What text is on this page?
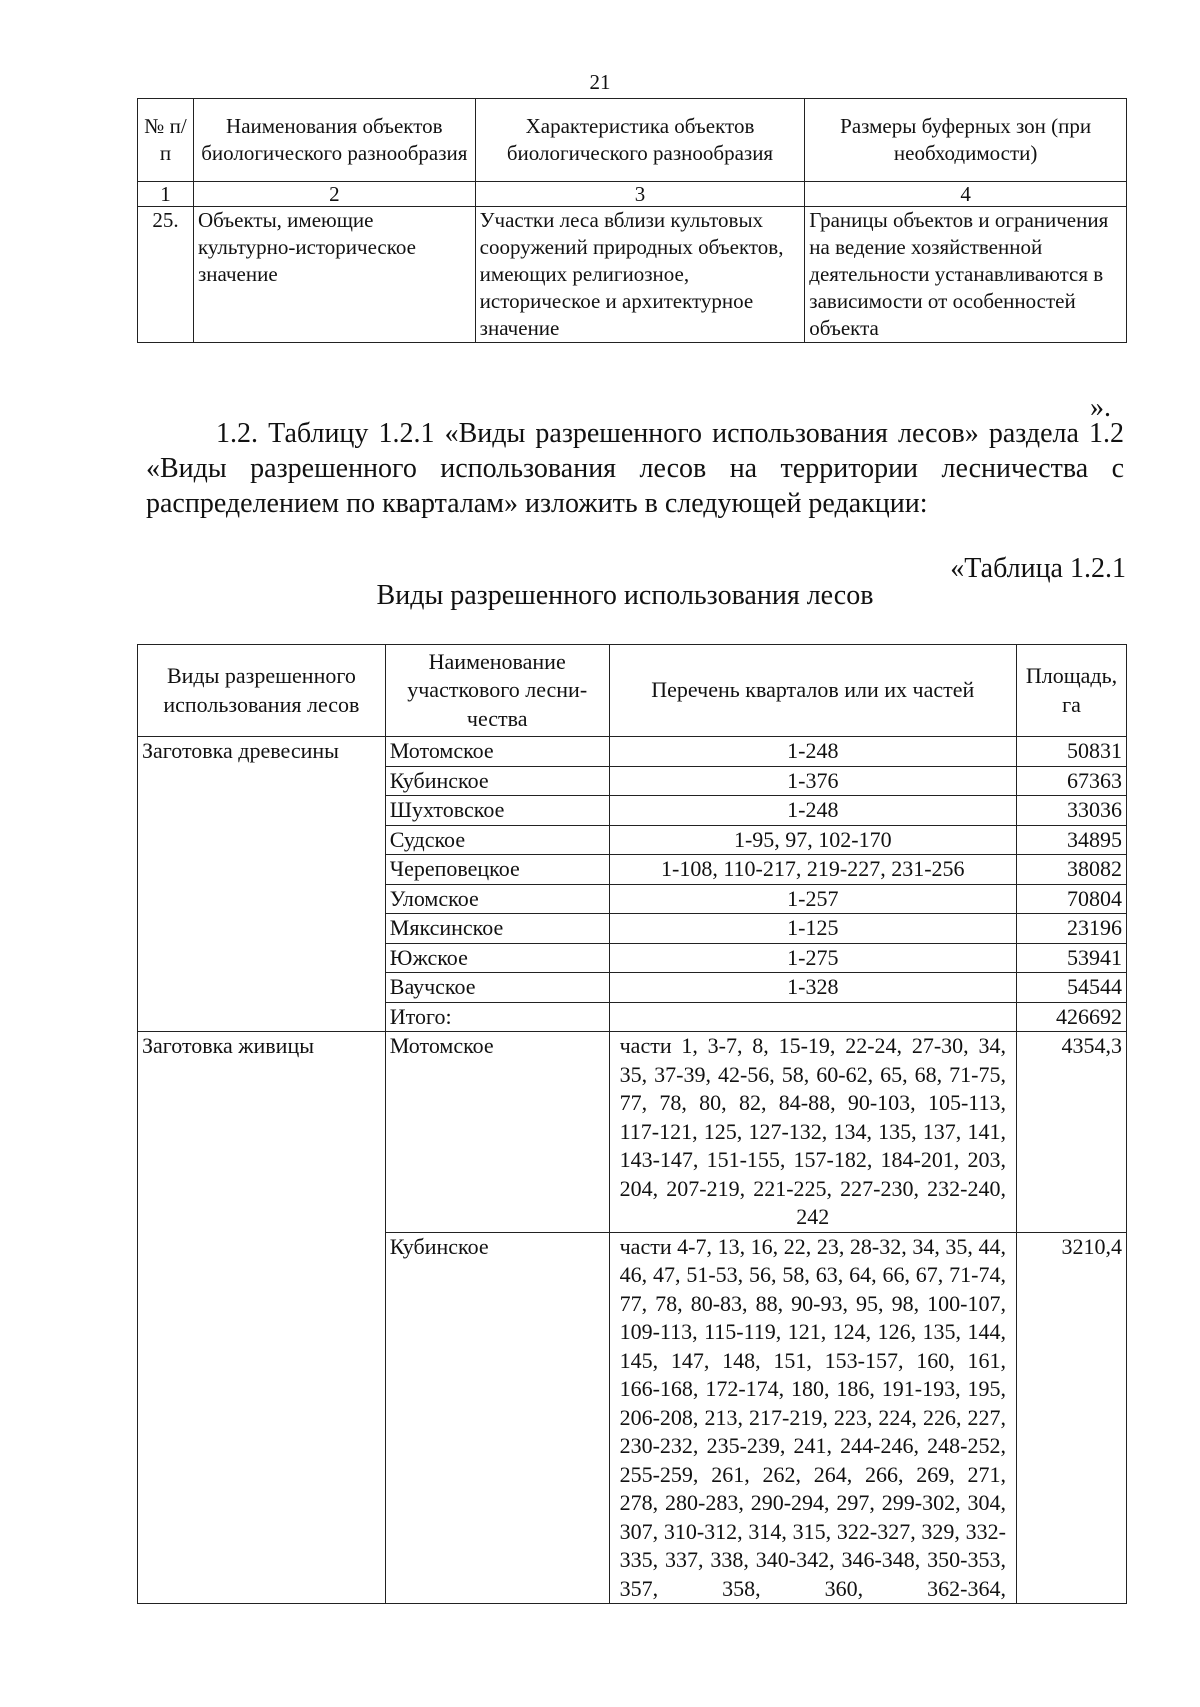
21
№ п/п	Наименования объектов биологического разнообразия	Характеристика объектов биологического разнообразия	Размеры буферных зон (при необходимости)
1	2	3	4
25.	Объекты, имеющие культурно-историческое значение	Участки леса вблизи культовых сооружений природных объектов, имеющих религиозное, историческое и архитектурное значение	Границы объектов и ограничения на ведение хозяйственной деятельности устанавливаются в зависимости от особенностей объекта
».
1.2. Таблицу 1.2.1 «Виды разрешенного использования лесов» раздела 1.2 «Виды разрешенного использования лесов на территории лесничества с распределением по кварталам» изложить в следующей редакции:
«Таблица 1.2.1
Виды разрешенного использования лесов
Виды разрешенного использования лесов	Наименование участкового лесни-чества	Перечень кварталов или их частей	Площадь, га
Заготовка древесины	Мотомское	1-248	50831
	Кубинское	1-376	67363
	Шухтовское	1-248	33036
	Судское	1-95, 97, 102-170	34895
	Череповецкое	1-108, 110-217, 219-227, 231-256	38082
	Уломское	1-257	70804
	Мяксинское	1-125	23196
	Южское	1-275	53941
	Ваучское	1-328	54544
	Итого:		426692
Заготовка живицы	Мотомское	части 1, 3-7, 8, 15-19, 22-24, 27-30, 34, 35, 37-39, 42-56, 58, 60-62, 65, 68, 71-75, 77, 78, 80, 82, 84-88, 90-103, 105-113, 117-121, 125, 127-132, 134, 135, 137, 141, 143-147, 151-155, 157-182, 184-201, 203, 204, 207-219, 221-225, 227-230, 232-240, 242	4354,3
	Кубинское	части 4-7, 13, 16, 22, 23, 28-32, 34, 35, 44, 46, 47, 51-53, 56, 58, 63, 64, 66, 67, 71-74, 77, 78, 80-83, 88, 90-93, 95, 98, 100-107, 109-113, 115-119, 121, 124, 126, 135, 144, 145, 147, 148, 151, 153-157, 160, 161, 166-168, 172-174, 180, 186, 191-193, 195, 206-208, 213, 217-219, 223, 224, 226, 227, 230-232, 235-239, 241, 244-246, 248-252, 255-259, 261, 262, 264, 266, 269, 271, 278, 280-283, 290-294, 297, 299-302, 304, 307, 310-312, 314, 315, 322-327, 329, 332-335, 337, 338, 340-342, 346-348, 350-353, 357, 358, 360, 362-364,	3210,4
